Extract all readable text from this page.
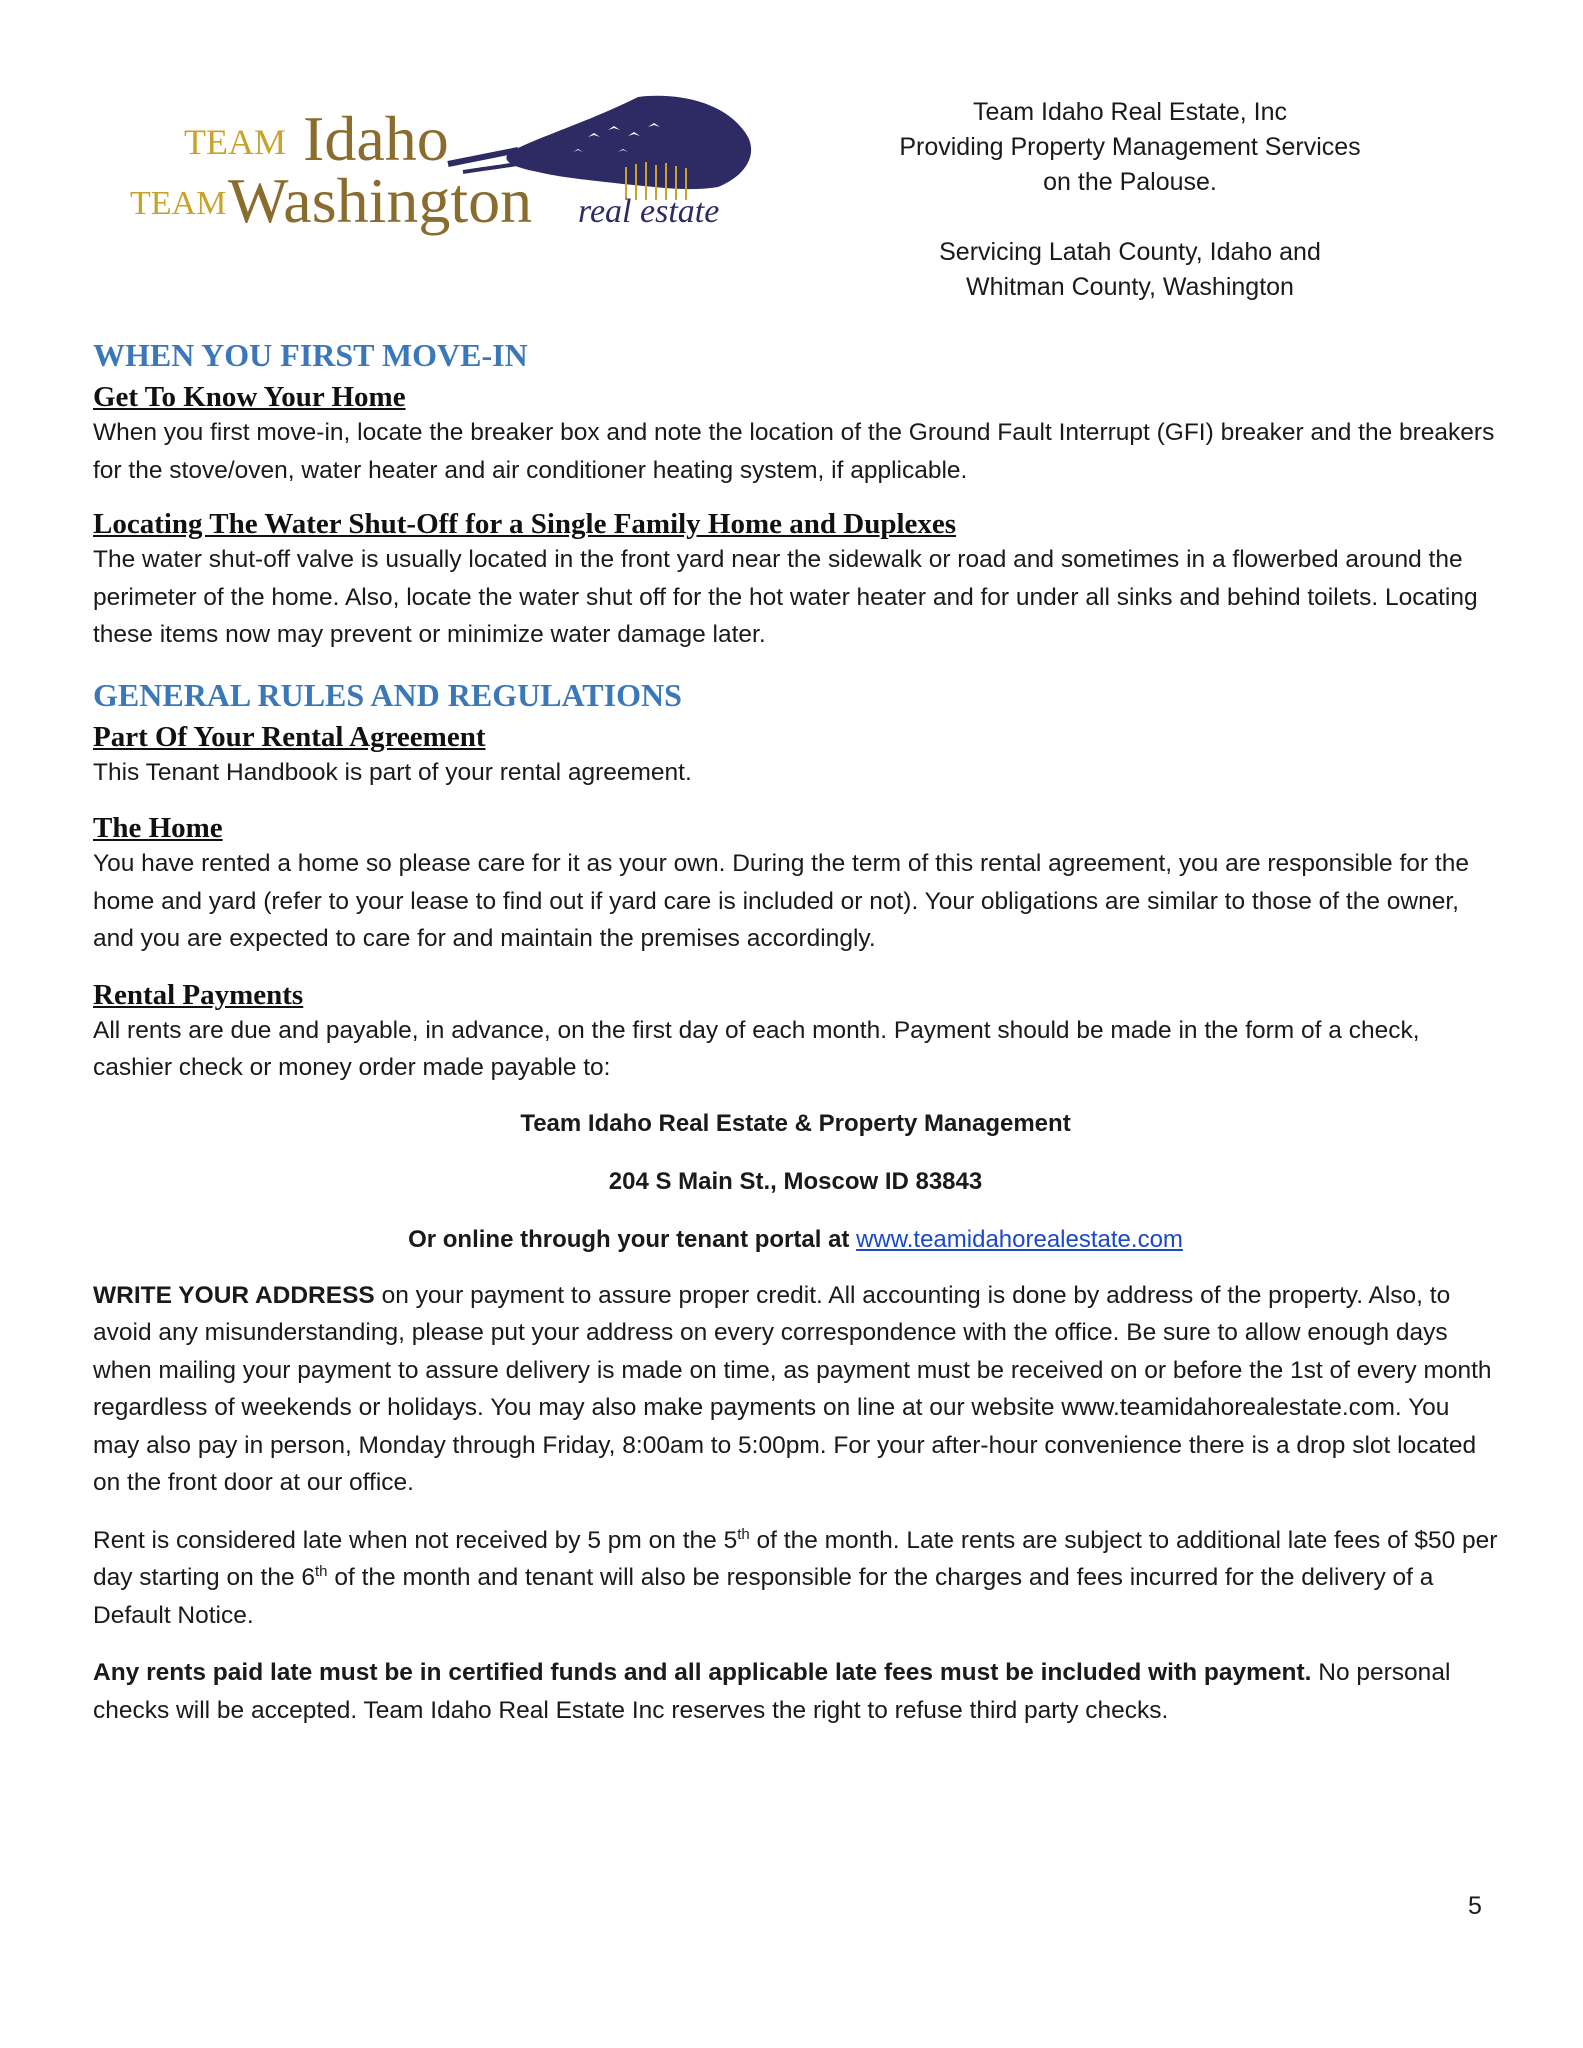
TEAM Idaho
TEAM Washington real estate
Team Idaho Real Estate, Inc
Providing Property Management Services
on the Palouse.
Servicing Latah County, Idaho and
Whitman County, Washington
WHEN YOU FIRST MOVE-IN
Get To Know Your Home

When you first move-in, locate the breaker box and note the location of the Ground Fault Interrupt (GFI) breaker and the breakers for the stove/oven, water heater and air conditioner heating system, if applicable.

Locating The Water Shut-Off for a Single Family Home and Duplexes

The water shut-off valve is usually located in the front yard near the sidewalk or road and sometimes in a flowerbed around the perimeter of the home. Also, locate the water shut off for the hot water heater and for under all sinks and behind toilets. Locating these items now may prevent or minimize water damage later.

GENERAL RULES AND REGULATIONS
Part Of Your Rental Agreement

This Tenant Handbook is part of your rental agreement.

The Home

You have rented a home so please care for it as your own. During the term of this rental agreement, you are responsible for the home and yard (refer to your lease to find out if yard care is included or not). Your obligations are similar to those of the owner, and you are expected to care for and maintain the premises accordingly.

Rental Payments

All rents are due and payable, in advance, on the first day of each month. Payment should be made in the form of a check, cashier check or money order made payable to:

Team Idaho Real Estate & Property Management

204 S Main St., Moscow ID 83843

Or online through your tenant portal at www.teamidahorealestate.com

WRITE YOUR ADDRESS on your payment to assure proper credit. All accounting is done by address of the property. Also, to avoid any misunderstanding, please put your address on every correspondence with the office. Be sure to allow enough days when mailing your payment to assure delivery is made on time, as payment must be received on or before the 1st of every month regardless of weekends or holidays. You may also make payments on line at our website www.teamidahorealestate.com. You may also pay in person, Monday through Friday, 8:00am to 5:00pm. For your after-hour convenience there is a drop slot located on the front door at our office.

Rent is considered late when not received by 5 pm on the 5th of the month. Late rents are subject to additional late fees of $50 per day starting on the 6th of the month and tenant will also be responsible for the charges and fees incurred for the delivery of a Default Notice.

Any rents paid late must be in certified funds and all applicable late fees must be included with payment. No personal checks will be accepted. Team Idaho Real Estate Inc reserves the right to refuse third party checks.

5
